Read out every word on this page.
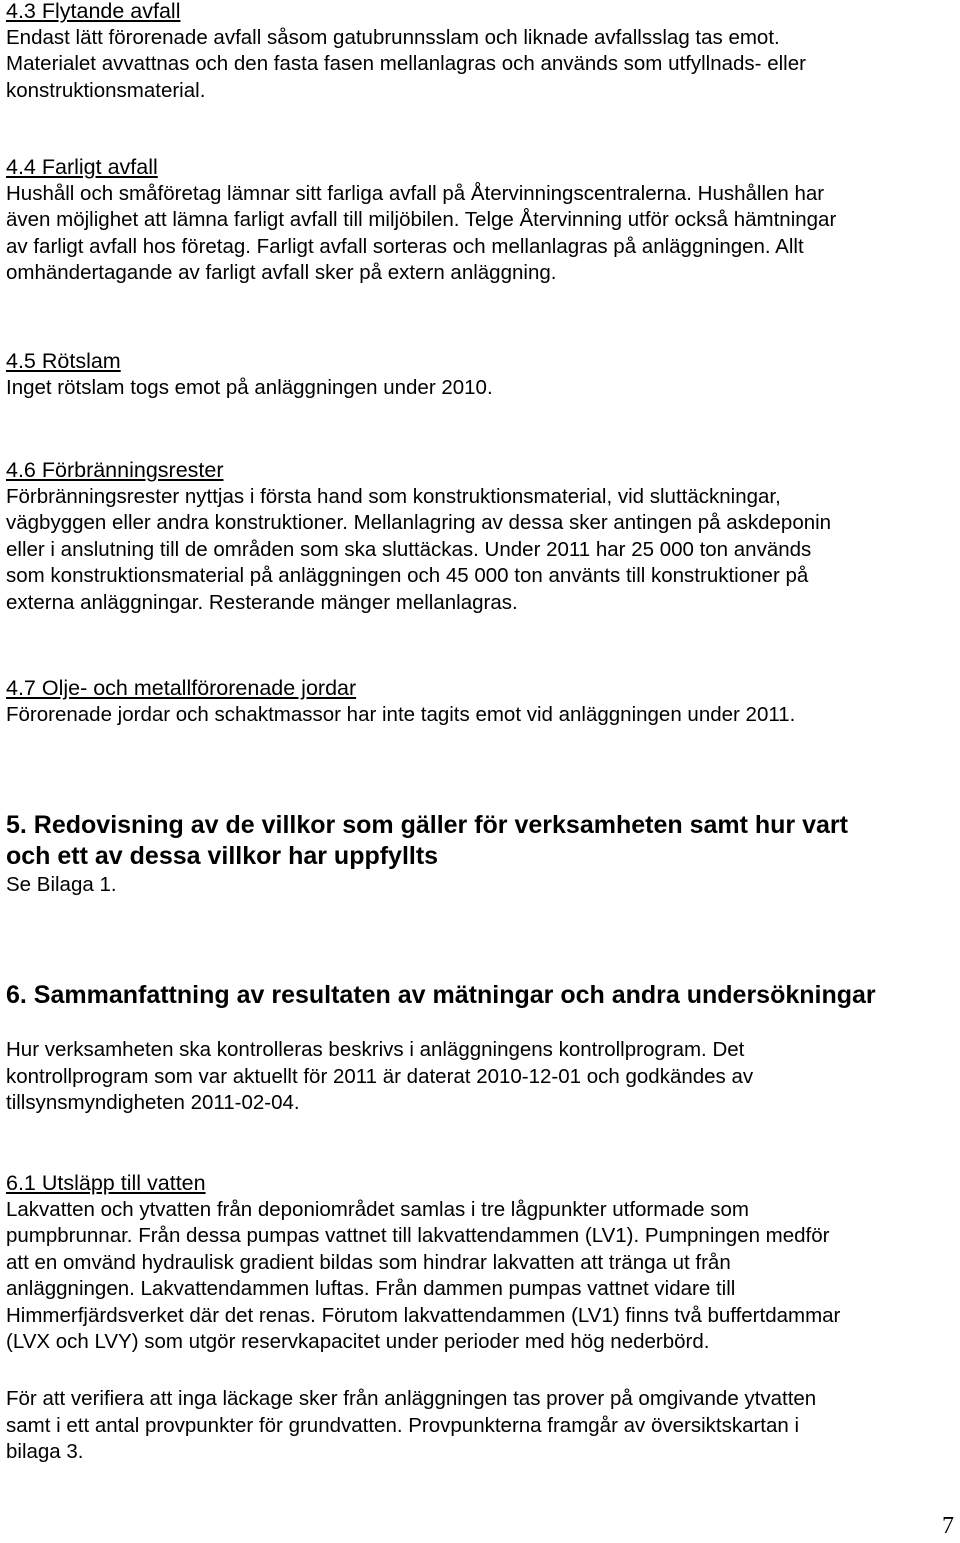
4.3 Flytande avfall
Endast lätt förorenade avfall såsom gatubrunnsslam och liknade avfallsslag tas emot.
Materialet avvattnas och den fasta fasen mellanlagras och används som utfyllnads- eller
konstruktionsmaterial.
4.4 Farligt avfall
Hushåll och småföretag lämnar sitt farliga avfall på Återvinningscentralerna. Hushållen har
även möjlighet att lämna farligt avfall till miljöbilen. Telge Återvinning utför också hämtningar
av farligt avfall hos företag. Farligt avfall sorteras och mellanlagras på anläggningen. Allt
omhändertagande av farligt avfall sker på extern anläggning.
4.5 Rötslam
Inget rötslam togs emot på anläggningen under 2010.
4.6 Förbränningsrester
Förbränningsrester nyttjas i första hand som konstruktionsmaterial, vid sluttäckningar,
vägbyggen eller andra konstruktioner. Mellanlagring av dessa sker antingen på askdeponin
eller i anslutning till de områden som ska sluttäckas. Under 2011 har 25 000 ton används
som konstruktionsmaterial på anläggningen och 45 000 ton använts till konstruktioner på
externa anläggningar. Resterande mänger mellanlagras.
4.7 Olje- och metallförorenade jordar
Förorenade jordar och schaktmassor har inte tagits emot vid anläggningen under 2011.
5. Redovisning av de villkor som gäller för verksamheten samt hur vart
och ett av dessa villkor har uppfyllts
Se Bilaga 1.
6. Sammanfattning av resultaten av mätningar och andra undersökningar
Hur verksamheten ska kontrolleras beskrivs i anläggningens kontrollprogram. Det
kontrollprogram som var aktuellt för 2011 är daterat 2010-12-01 och godkändes av
tillsynsmyndigheten 2011-02-04.
6.1 Utsläpp till vatten
Lakvatten och ytvatten från deponiområdet samlas i tre lågpunkter utformade som
pumpbrunnar. Från dessa pumpas vattnet till lakvattendammen (LV1). Pumpningen medför
att en omvänd hydraulisk gradient bildas som hindrar lakvatten att tränga ut från
anläggningen. Lakvattendammen luftas. Från dammen pumpas vattnet vidare till
Himmerfjärdsverket där det renas. Förutom lakvattendammen (LV1) finns två buffertdammar
(LVX och LVY) som utgör reservkapacitet under perioder med hög nederbörd.
För att verifiera att inga läckage sker från anläggningen tas prover på omgivande ytvatten
samt i ett antal provpunkter för grundvatten. Provpunkterna framgår av översiktskartan i
bilaga 3.
7
